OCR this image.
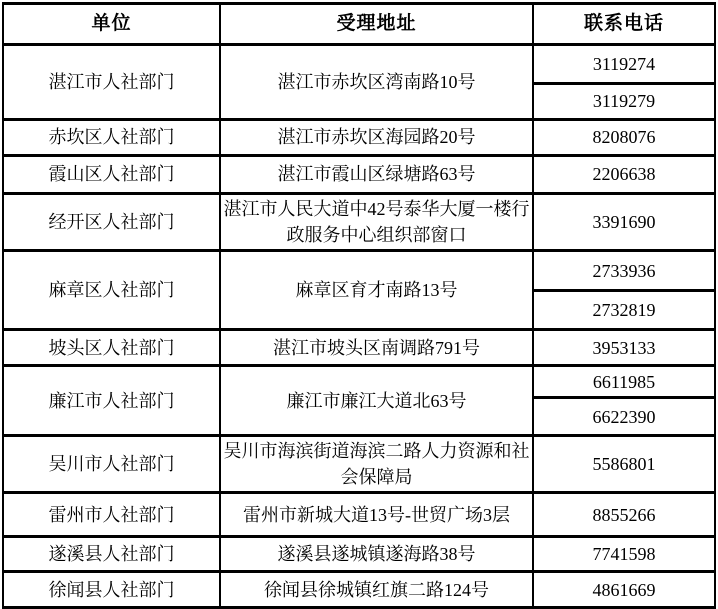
单位	受理地址	联系电话
湛江市人社部门	湛江市赤坎区湾南路10号	3119274
		3119279
赤坎区人社部门	湛江市赤坎区海园路20号	8208076
霞山区人社部门	湛江市霞山区绿塘路63号	2206638
经开区人社部门	湛江市人民大道中42号泰华大厦一楼行政服务中心组织部窗口	3391690
麻章区人社部门	麻章区育才南路13号	2733936
		2732819
坡头区人社部门	湛江市坡头区南调路791号	3953133
廉江市人社部门	廉江市廉江大道北63号	6611985
		6622390
吴川市人社部门	吴川市海滨街道海滨二路人力资源和社会保障局	5586801
雷州市人社部门	雷州市新城大道13号-世贸广场3层	8855266
遂溪县人社部门	遂溪县遂城镇遂海路38号	7741598
徐闻县人社部门	徐闻县徐城镇红旗二路124号	4861669
